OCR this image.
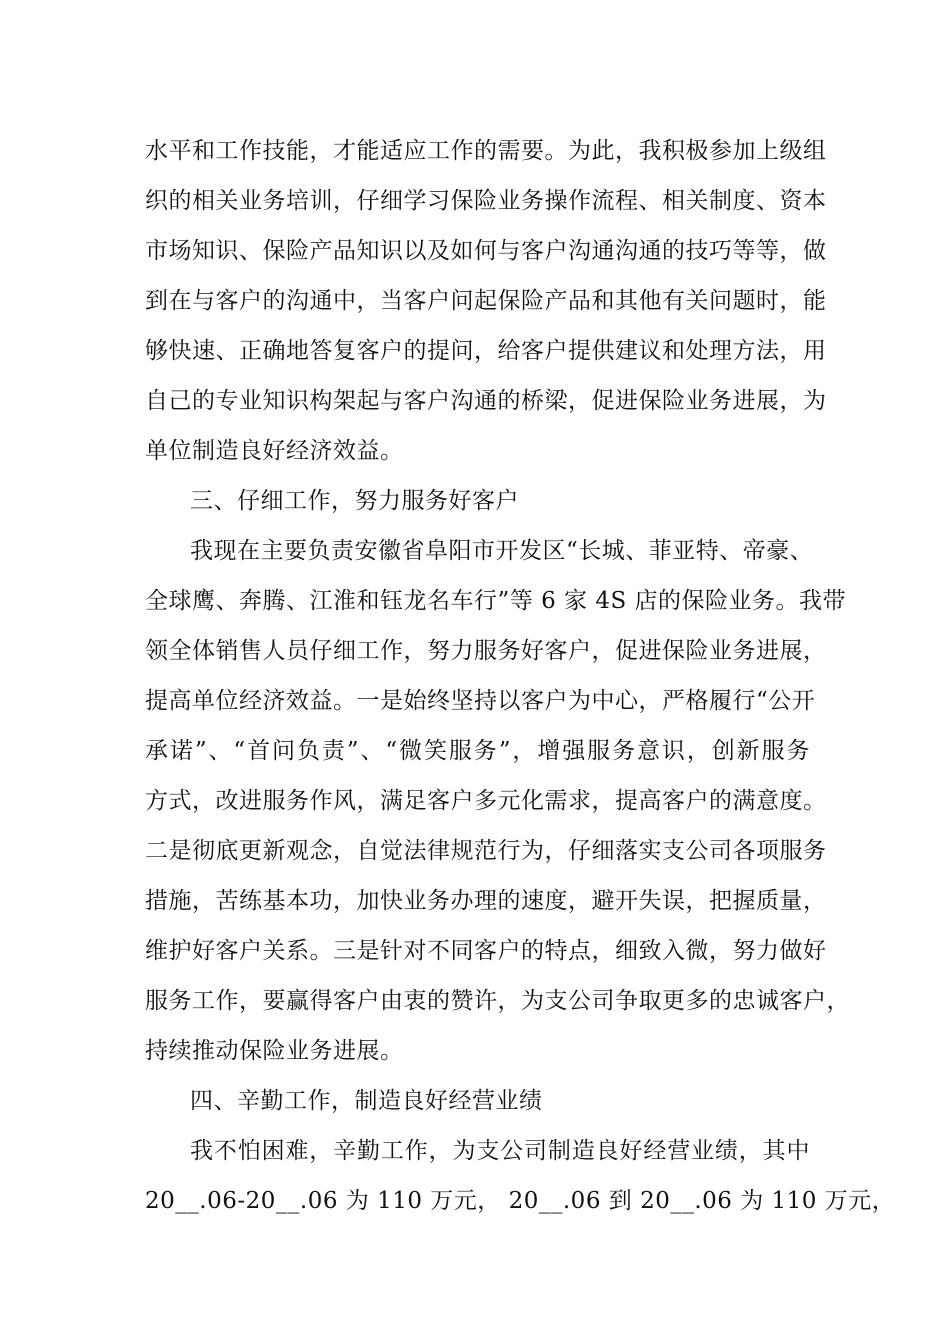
水平和工作技能，才能适应工作的需要。为此，我积极参加上级组
织的相关业务培训，仔细学习保险业务操作流程、相关制度、资本
市场知识、保险产品知识以及如何与客户沟通沟通的技巧等等，做
到在与客户的沟通中，当客户问起保险产品和其他有关问题时，能
够快速、正确地答复客户的提问，给客户提供建议和处理方法，用
自己的专业知识构架起与客户沟通的桥梁，促进保险业务进展，为
单位制造良好经济效益。
三、仔细工作，努力服务好客户
我现在主要负责安徽省阜阳市开发区“长城、菲亚特、帝豪、
全球鹰、奔腾、江淮和钰龙名车行”等 6 家 4S 店的保险业务。我带
领全体销售人员仔细工作，努力服务好客户，促进保险业务进展，
提高单位经济效益。一是始终坚持以客户为中心，严格履行“公开
承诺”、“首问负责”、“微笑服务”，增强服务意识，创新服务
方式，改进服务作风，满足客户多元化需求，提高客户的满意度。
二是彻底更新观念，自觉法律规范行为，仔细落实支公司各项服务
措施，苦练基本功，加快业务办理的速度，避开失误，把握质量，
维护好客户关系。三是针对不同客户的特点，细致入微，努力做好
服务工作，要赢得客户由衷的赞许，为支公司争取更多的忠诚客户，
持续推动保险业务进展。
四、辛勤工作，制造良好经营业绩
我不怕困难，辛勤工作，为支公司制造良好经营业绩，其中
20__.06-20__.06 为 110 万元， 20__.06 到 20__.06 为 110 万元，
